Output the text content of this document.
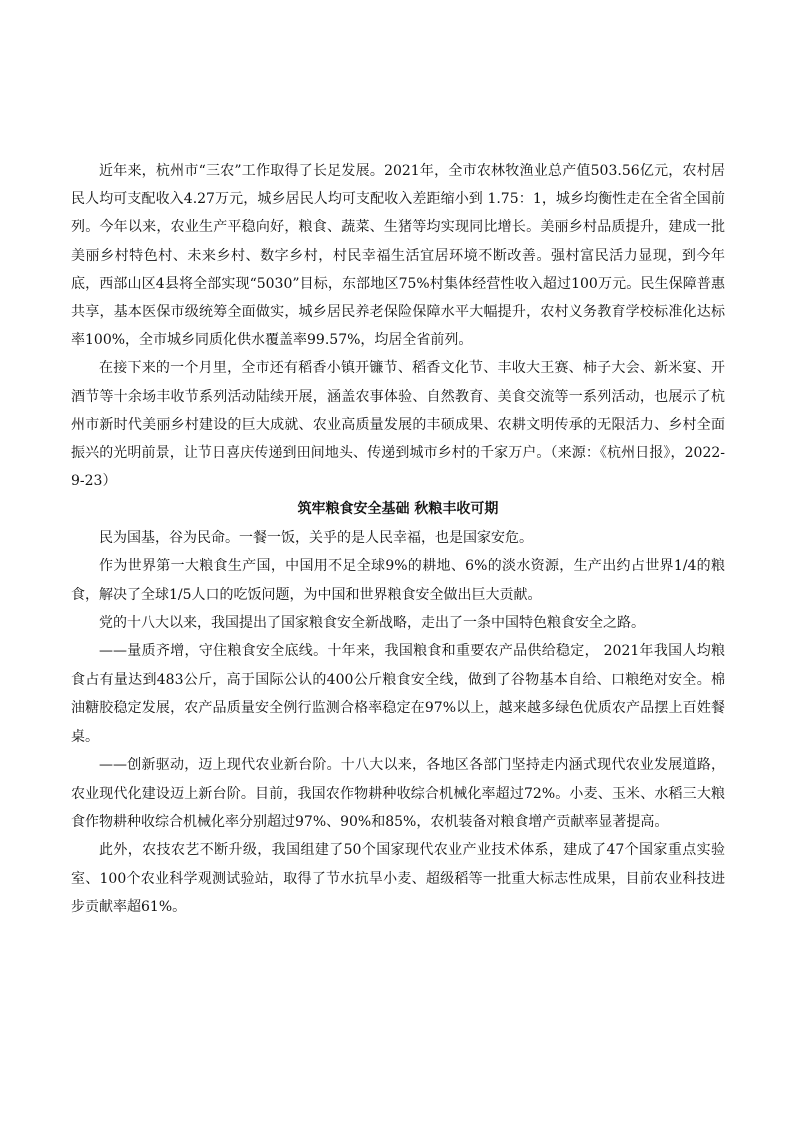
近年来，杭州市“三农”工作取得了长足发展。2021年，全市农林牧渔业总产值503.56亿元，农村居民人均可支配收入4.27万元，城乡居民人均可支配收入差距缩小到 1.75：1，城乡均衡性走在全省全国前列。今年以来，农业生产平稳向好，粮食、蔬菜、生猪等均实现同比增长。美丽乡村品质提升，建成一批美丽乡村特色村、未来乡村、数字乡村，村民幸福生活宜居环境不断改善。强村富民活力显现，到今年底，西部山区4县将全部实现“5030”目标，东部地区75%村集体经营性收入超过100万元。民生保障普惠共享，基本医保市级统筹全面做实，城乡居民养老保险保障水平大幅提升，农村义务教育学校标准化达标率100%，全市城乡同质化供水覆盖率99.57%，均居全省前列。

在接下来的一个月里，全市还有稻香小镇开镰节、稻香文化节、丰收大王赛、柿子大会、新米宴、开酒节等十余场丰收节系列活动陆续开展，涵盖农事体验、自然教育、美食交流等一系列活动，也展示了杭州市新时代美丽乡村建设的巨大成就、农业高质量发展的丰硕成果、农耕文明传承的无限活力、乡村全面振兴的光明前景，让节日喜庆传递到田间地头、传递到城市乡村的千家万户。（来源：《杭州日报》，2022-9-23）

筑牢粮食安全基础 秋粮丰收可期

民为国基，谷为民命。一餐一饭，关乎的是人民幸福，也是国家安危。

作为世界第一大粮食生产国，中国用不足全球9%的耕地、6%的淡水资源，生产出约占世界1/4的粮食，解决了全球1/5人口的吃饭问题，为中国和世界粮食安全做出巨大贡献。

党的十八大以来，我国提出了国家粮食安全新战略，走出了一条中国特色粮食安全之路。

——量质齐增，守住粮食安全底线。十年来，我国粮食和重要农产品供给稳定， 2021年我国人均粮食占有量达到483公斤，高于国际公认的400公斤粮食安全线，做到了谷物基本自给、口粮绝对安全。棉油糖胶稳定发展，农产品质量安全例行监测合格率稳定在97%以上，越来越多绿色优质农产品摆上百姓餐桌。

——创新驱动，迈上现代农业新台阶。十八大以来，各地区各部门坚持走内涵式现代农业发展道路，农业现代化建设迈上新台阶。目前，我国农作物耕种收综合机械化率超过72%。小麦、玉米、水稻三大粮食作物耕种收综合机械化率分别超过97%、90%和85%，农机装备对粮食增产贡献率显著提高。

此外，农技农艺不断升级，我国组建了50个国家现代农业产业技术体系，建成了47个国家重点实验室、100个农业科学观测试验站，取得了节水抗旱小麦、超级稻等一批重大标志性成果，目前农业科技进步贡献率超61%。
